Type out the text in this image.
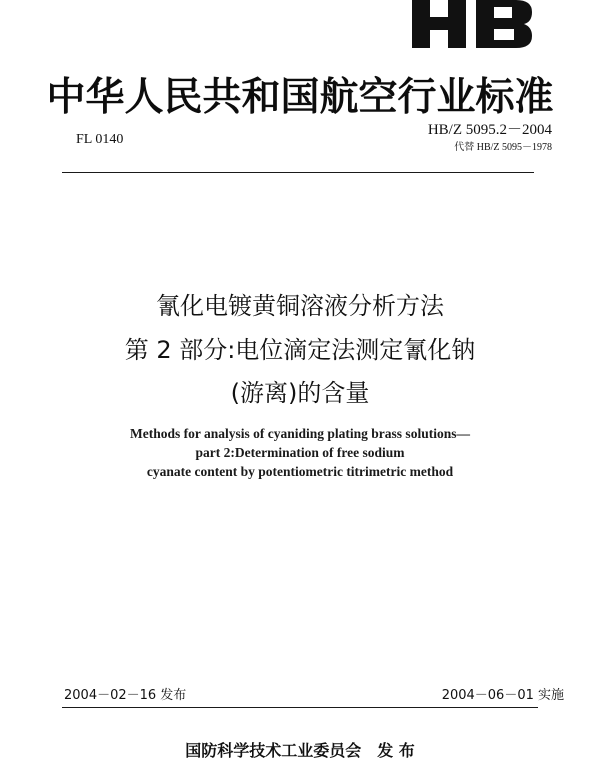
中华人民共和国航空行业标准
FL 0140
HB/Z 5095.2－2004
代替 HB/Z 5095－1978
氰化电镀黄铜溶液分析方法
第 2 部分:电位滴定法测定氰化钠
(游离)的含量
Methods for analysis of cyaniding plating brass solutions—
part 2:Determination of free sodium
cyanate content by potentiometric titrimetric method
2004－02－16 发布	2004－06－01 实施
国防科学技术工业委员会　发 布
